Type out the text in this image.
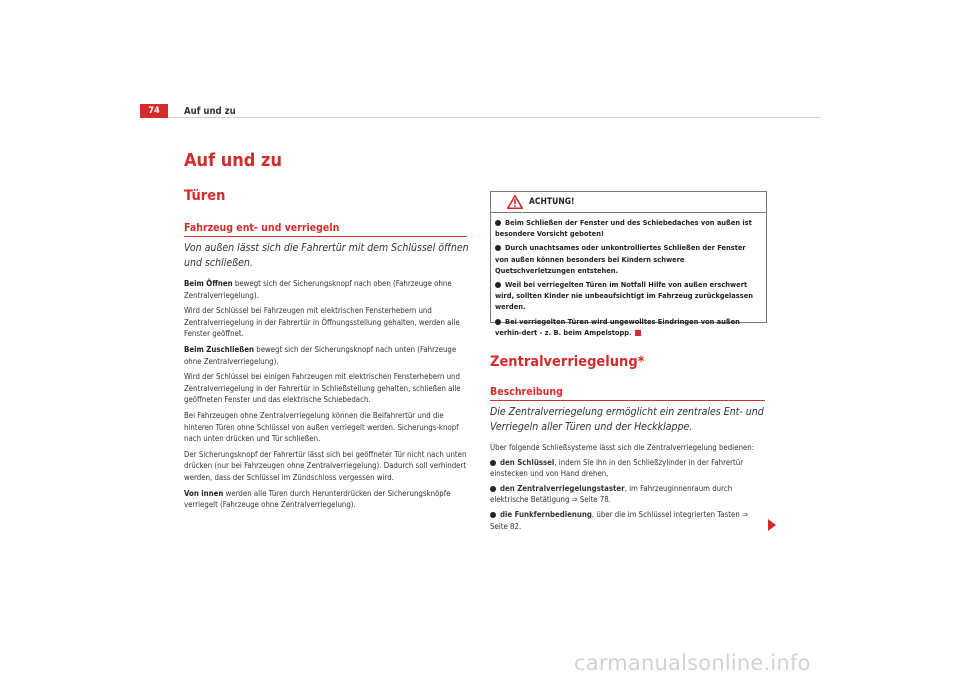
74	Auf und zu
Auf und zu
Türen
Fahrzeug ent- und verriegeln

Von außen lässt sich die Fahrertür mit dem Schlüssel öffnen und schließen.

Beim Öffnen bewegt sich der Sicherungsknopf nach oben (Fahrzeuge ohne Zentralverriegelung).

Wird der Schlüssel bei Fahrzeugen mit elektrischen Fensterhebern und Zentralverriegelung in der Fahrertür in Öffnungsstellung gehalten, werden alle Fenster geöffnet.

Beim Zuschließen bewegt sich der Sicherungsknopf nach unten (Fahrzeuge ohne Zentralverriegelung).

Wird der Schlüssel bei einigen Fahrzeugen mit elektrischen Fensterhebern und Zentralverriegelung in der Fahrertür in Schließstellung gehalten, schließen alle geöffneten Fenster und das elektrische Schiebedach.

Bei Fahrzeugen ohne Zentralverriegelung können die Beifahrertür und die hinteren Türen ohne Schlüssel von außen verriegelt werden. Sicherungs-knopf nach unten drücken und Tür schließen.

Der Sicherungsknopf der Fahrertür lässt sich bei geöffneter Tür nicht nach unten drücken (nur bei Fahrzeugen ohne Zentralverriegelung). Dadurch soll verhindert werden, dass der Schlüssel im Zündschloss vergessen wird.

Von innen werden alle Türen durch Herunterdrücken der Sicherungsknöpfe verriegelt (Fahrzeuge ohne Zentralverriegelung).

ACHTUNG!
Beim Schließen der Fenster und des Schiebedaches von außen ist besondere Vorsicht geboten!
Durch unachtsames oder unkontrolliertes Schließen der Fenster von außen können besonders bei Kindern schwere Quetschverletzungen entstehen.
Weil bei verriegelten Türen im Notfall Hilfe von außen erschwert wird, sollten Kinder nie unbeaufsichtigt im Fahrzeug zurückgelassen werden.
Bei verriegelten Türen wird ungewolltes Eindringen von außen verhin-dert - z. B. beim Ampelstopp.
Zentralverriegelung*
Beschreibung

Die Zentralverriegelung ermöglicht ein zentrales Ent- und Verriegeln aller Türen und der Heckklappe.

Über folgende Schließsysteme lässt sich die Zentralverriegelung bedienen:

den Schlüssel, indem Sie ihn in den Schließzylinder in der Fahrertür einstecken und von Hand drehen,
den Zentralverriegelungstaster, im Fahrzeuginnenraum durch elektrische Betätigung ⇒ Seite 78.
die Funkfernbedienung, über die im Schlüssel integrierten Tasten ⇒ Seite 82.
carmanualsonline.info
